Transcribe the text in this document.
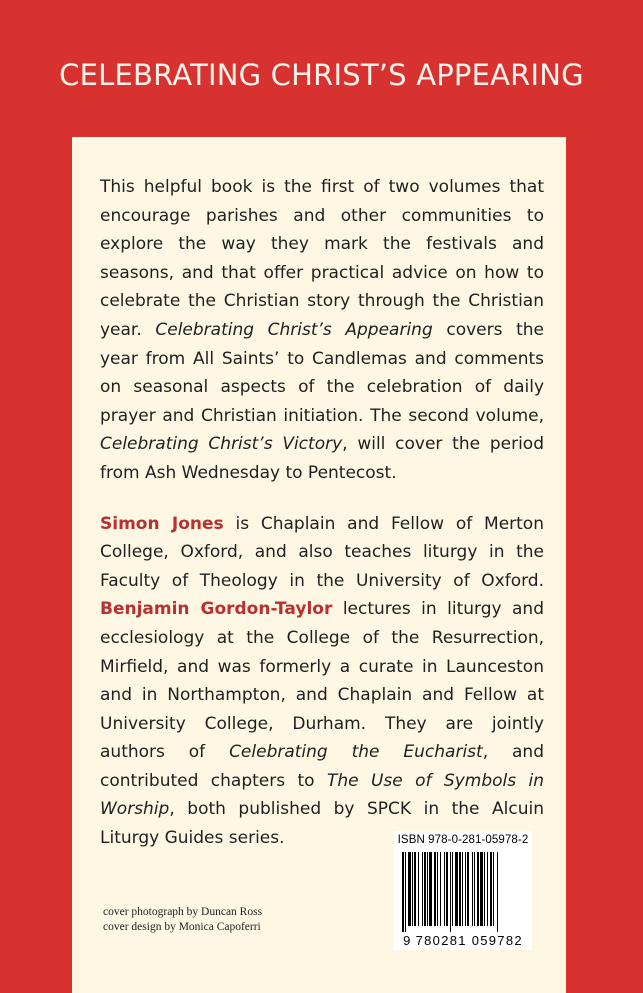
CELEBRATING CHRIST’S APPEARING

This helpful book is the first of two volumes that encourage parishes and other communities to explore the way they mark the festivals and seasons, and that offer practical advice on how to celebrate the Christian story through the Christian year. Celebrating Christ’s Appearing covers the year from All Saints’ to Candlemas and comments on seasonal aspects of the celebration of daily prayer and Christian initiation. The second volume, Celebrating Christ’s Victory, will cover the period from Ash Wednesday to Pentecost.

Simon Jones is Chaplain and Fellow of Merton College, Oxford, and also teaches liturgy in the Faculty of Theology in the University of Oxford. Benjamin Gordon-Taylor lectures in liturgy and ecclesiology at the College of the Resurrection, Mirfield, and was formerly a curate in Launceston and in Northampton, and Chaplain and Fellow at University College, Durham. They are jointly authors of Celebrating the Eucharist, and contributed chapters to The Use of Symbols in Worship, both published by SPCK in the Alcuin Liturgy Guides series.

cover photograph by Duncan Ross
cover design by Monica Capoferri
ISBN 978-0-281-05978-2
9 780281 059782
